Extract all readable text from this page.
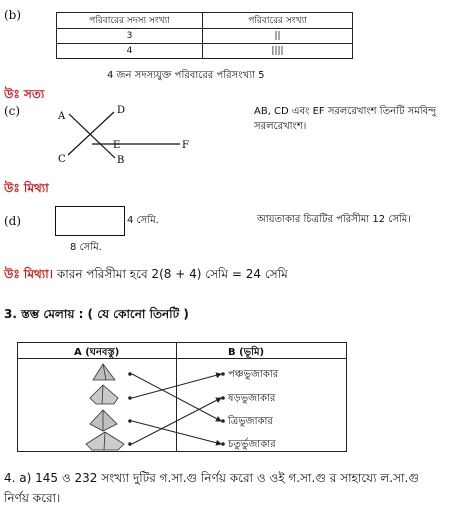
(b)	পরিবারের সদস্য সংখ্যা	পরিবারের সংখ্যা
3	||
4	||||
4 জন সদস্যযুক্ত পরিবারের পরিসংখ্যা 5
উঃ সত্য
(c)	A
D
C	B
E	F
AB, CD এবং EF সরলরেখাংশ তিনটি সমবিন্দু
সরলরেখাংশ।
উঃ মিথ্যা
(d)	4 সেমি.
8 সেমি.
আয়তাকার চিত্রটির পরিসীমা 12 সেমি।
উঃ মিথ্যা। কারন পরিসীমা হবে 2(8 + 4) সেমি = 24 সেমি
3. স্তম্ভ মেলায় : ( যে কোনো তিনটি )
A (ঘনবস্তু)	B (ভূমি)
পঞ্চভুজাকার
ষড়ভুজাকার
ত্রিভুজাকার
চতুর্ভুজাকার
4. a) 145 ও 232 সংখ্যা দুটির গ.সা.গু নির্ণয় করো ও ওই গ.সা.গু র সাহায্যে ল.সা.গু
নির্ণয় করো।
